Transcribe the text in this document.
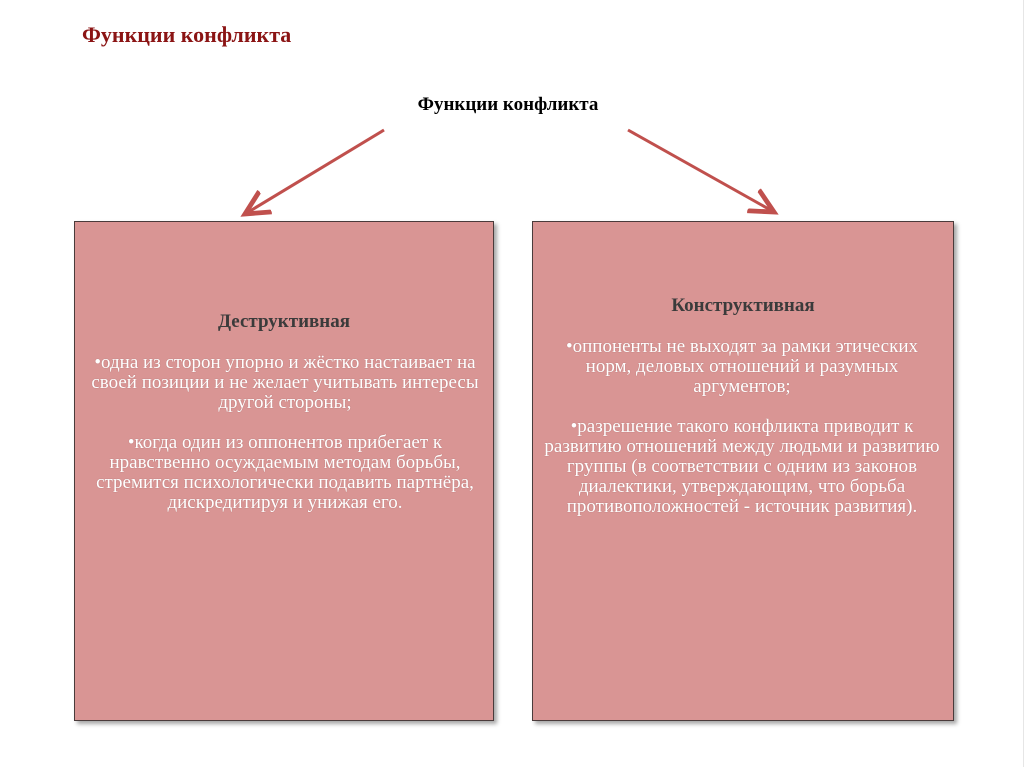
Функции конфликта
Функции конфликта
Деструктивная
•одна из сторон упорно и жёстко настаивает на своей позиции и не желает учитывать интересы другой стороны;
•когда один из оппонентов прибегает к нравственно осуждаемым методам борьбы, стремится психологически подавить партнёра, дискредитируя и унижая его.
Конструктивная
•оппоненты не выходят за рамки этических норм, деловых отношений и разумных аргументов;
•разрешение такого конфликта приводит к развитию отношений между людьми и развитию группы (в соответствии с одним из законов диалектики, утверждающим, что борьба противоположностей - источник развития).
